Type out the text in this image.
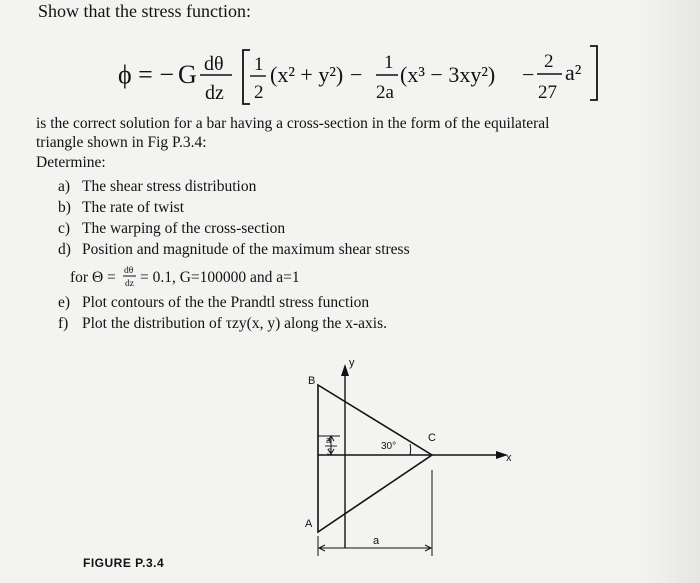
Show that the stress function:
ϕ = − G dθ
dz
1
2
(x² + y²) − 1
2a
(x³ − 3xy²) −
2
27
a²
is the correct solution for a bar having a cross-section in the form of the equilateral
triangle shown in Fig P.3.4:
Determine:
a) The shear stress distribution
b) The rate of twist
c) The warping of the cross-section
d) Position and magnitude of the maximum shear stress
for Θ = dθ
dz = 0.1, G=100000 and a=1
e) Plot contours of the the Prandtl stress function
f) Plot the distribution of τzy(x, y) along the x-axis.
y
x
B
A
C
30°
a
3
a
FIGURE P.3.4
